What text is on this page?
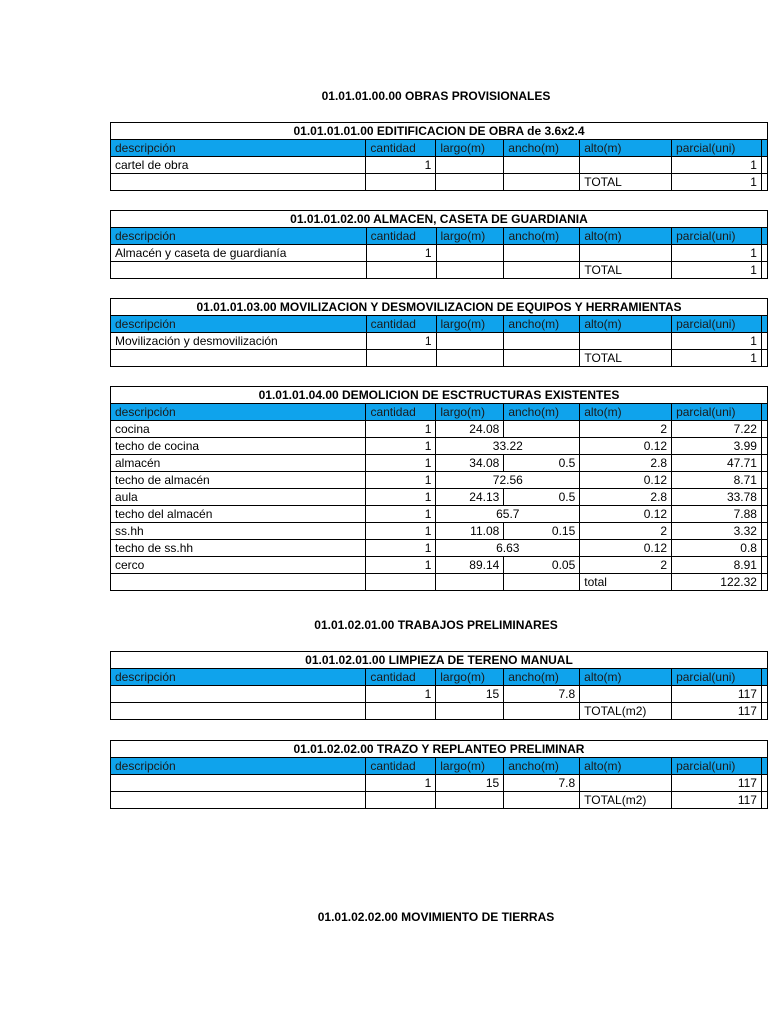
01.01.01.00.00 OBRAS PROVISIONALES
01.01.02.01.00 TRABAJOS PRELIMINARES
01.01.02.02.00 MOVIMIENTO DE TIERRAS
01.01.01.01.00 EDITIFICACION DE OBRA de 3.6x2.4						
descripción	cantidad	largo(m)	ancho(m)	alto(m)	parcial(uni)	
cartel de obra	1				1	
				TOTAL	1	
01.01.01.02.00 ALMACEN, CASETA DE GUARDIANIA						
descripción	cantidad	largo(m)	ancho(m)	alto(m)	parcial(uni)	
Almacén y caseta de guardianía	1				1	
				TOTAL	1	
01.01.01.03.00 MOVILIZACION Y DESMOVILIZACION DE EQUIPOS Y HERRAMIENTAS						
descripción	cantidad	largo(m)	ancho(m)	alto(m)	parcial(uni)	
Movilización y desmovilización	1				1	
				TOTAL	1	
01.01.01.04.00 DEMOLICION DE ESCTRUCTURAS EXISTENTES						
descripción	cantidad	largo(m)	ancho(m)	alto(m)	parcial(uni)	
cocina	1	24.08		2	7.22	
techo de cocina	1	33.22		0.12	3.99	
almacén	1	34.08	0.5	2.8	47.71	
techo de almacén	1	72.56		0.12	8.71	
aula	1	24.13	0.5	2.8	33.78	
techo del almacén	1	65.7		0.12	7.88	
ss.hh	1	11.08	0.15	2	3.32	
techo de ss.hh	1	6.63		0.12	0.8	
cerco	1	89.14	0.05	2	8.91	
				total	122.32	
01.01.02.01.00 LIMPIEZA DE TERENO MANUAL						
descripción	cantidad	largo(m)	ancho(m)	alto(m)	parcial(uni)	
	1	15	7.8		117	
				TOTAL(m2)	117	
01.01.02.02.00 TRAZO Y REPLANTEO PRELIMINAR						
descripción	cantidad	largo(m)	ancho(m)	alto(m)	parcial(uni)	
	1	15	7.8		117	
				TOTAL(m2)	117	
